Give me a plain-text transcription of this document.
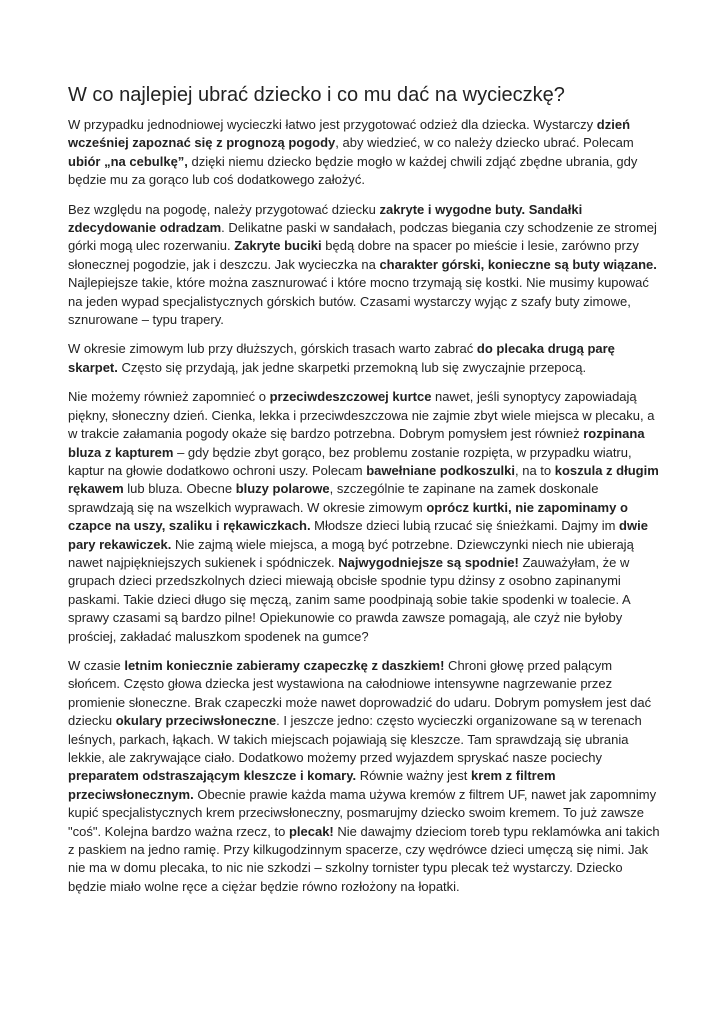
W co najlepiej ubrać dziecko i co mu dać na wycieczkę?

W przypadku jednodniowej wycieczki łatwo jest przygotować odzież dla dziecka. Wystarczy dzień wcześniej zapoznać się z prognozą pogody, aby wiedzieć, w co należy dziecko ubrać. Polecam ubiór „na cebulkę”, dzięki niemu dziecko będzie mogło w każdej chwili zdjąć zbędne ubrania, gdy będzie mu za gorąco lub coś dodatkowego założyć.

Bez względu na pogodę, należy przygotować dziecku zakryte i wygodne buty. Sandałki zdecydowanie odradzam. Delikatne paski w sandałach, podczas biegania czy schodzenie ze stromej górki mogą ulec rozerwaniu. Zakryte buciki będą dobre na spacer po mieście i lesie, zarówno przy słonecznej pogodzie, jak i deszczu. Jak wycieczka na charakter górski, konieczne są buty wiązane. Najlepiejsze takie, które można zasznurować i które mocno trzymają się kostki. Nie musimy kupować na jeden wypad specjalistycznych górskich butów. Czasami wystarczy wyjąc z szafy buty zimowe, sznurowane – typu trapery.

W okresie zimowym lub przy dłuższych, górskich trasach warto zabrać do plecaka drugą parę skarpet. Często się przydają, jak jedne skarpetki przemokną lub się zwyczajnie przepocą.

Nie możemy również zapomnieć o przeciwdeszczowej kurtce nawet, jeśli synoptycy zapowiadają piękny, słoneczny dzień. Cienka, lekka i przeciwdeszczowa nie zajmie zbyt wiele miejsca w plecaku, a w trakcie załamania pogody okaże się bardzo potrzebna. Dobrym pomysłem jest również rozpinana bluza z kapturem – gdy będzie zbyt gorąco, bez problemu zostanie rozpięta, w przypadku wiatru, kaptur na głowie dodatkowo ochroni uszy. Polecam bawełniane podkoszulki, na to koszula z długim rękawem lub bluza. Obecne bluzy polarowe, szczególnie te zapinane na zamek doskonale sprawdzają się na wszelkich wyprawach. W okresie zimowym oprócz kurtki, nie zapominamy o czapce na uszy, szaliku i rękawiczkach. Młodsze dzieci lubią rzucać się śnieżkami. Dajmy im dwie pary rekawiczek. Nie zajmą wiele miejsca, a mogą być potrzebne. Dziewczynki niech nie ubierają nawet najpiękniejszych sukienek i spódniczek. Najwygodniejsze są spodnie! Zauważyłam, że w grupach dzieci przedszkolnych dzieci miewają obcisłe spodnie typu dżinsy z osobno zapinanymi paskami. Takie dzieci długo się męczą, zanim same poodpinają sobie takie spodenki w toalecie. A sprawy czasami są bardzo pilne! Opiekunowie co prawda zawsze pomagają, ale czyż nie byłoby prościej, zakładać maluszkom spodenek na gumce?

W czasie letnim koniecznie zabieramy czapeczkę z daszkiem! Chroni głowę przed palącym słońcem. Często głowa dziecka jest wystawiona na całodniowe intensywne nagrzewanie przez promienie słoneczne. Brak czapeczki może nawet doprowadzić do udaru. Dobrym pomysłem jest dać dziecku okulary przeciwsłoneczne. I jeszcze jedno: często wycieczki organizowane są w terenach leśnych, parkach, łąkach. W takich miejscach pojawiają się kleszcze. Tam sprawdzają się ubrania lekkie, ale zakrywające ciało. Dodatkowo możemy przed wyjazdem spryskać nasze pociechy preparatem odstraszającym kleszcze i komary. Równie ważny jest krem z filtrem przeciwsłonecznym. Obecnie prawie każda mama używa kremów z filtrem UF, nawet jak zapomnimy kupić specjalistycznych krem przeciwsłoneczny, posmarujmy dziecko swoim kremem. To już zawsze "coś". Kolejna bardzo ważna rzecz, to plecak! Nie dawajmy dzieciom toreb typu reklamówka ani takich z paskiem na jedno ramię. Przy kilkugodzinnym spacerze, czy wędrówce dzieci umęczą się nimi. Jak nie ma w domu plecaka, to nic nie szkodzi – szkolny tornister typu plecak też wystarczy. Dziecko będzie miało wolne ręce a ciężar będzie równo rozłożony na łopatki.
